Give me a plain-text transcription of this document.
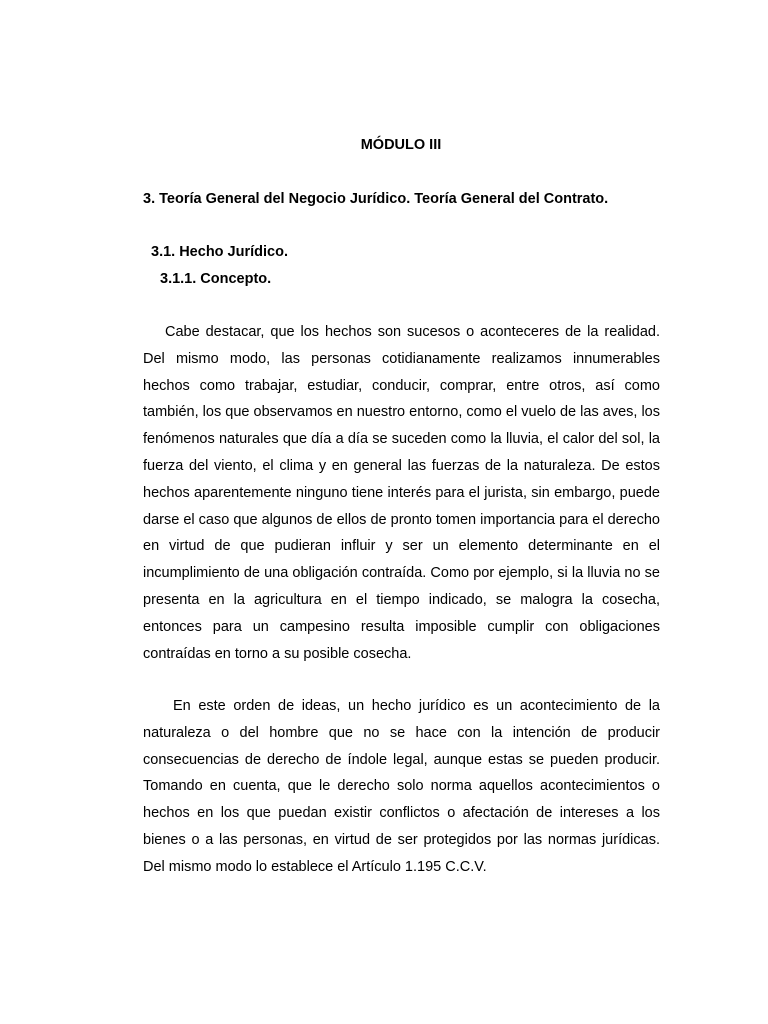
MÓDULO III
3. Teoría General del Negocio Jurídico. Teoría General del Contrato.
3.1. Hecho Jurídico.
3.1.1. Concepto.

Cabe destacar, que los hechos son sucesos o aconteceres de la realidad. Del mismo modo, las personas cotidianamente realizamos innumerables hechos como trabajar, estudiar, conducir, comprar, entre otros, así como también, los que observamos en nuestro entorno, como el vuelo de las aves, los fenómenos naturales que día a día se suceden como la lluvia, el calor del sol, la fuerza del viento, el clima y en general las fuerzas de la naturaleza. De estos hechos aparentemente ninguno tiene interés para el jurista, sin embargo, puede darse el caso que algunos de ellos de pronto tomen importancia para el derecho en virtud de que pudieran influir y ser un elemento determinante en el incumplimiento de una obligación contraída. Como por ejemplo, si la lluvia no se presenta en la agricultura en el tiempo indicado, se malogra la cosecha, entonces para un campesino resulta imposible cumplir con obligaciones contraídas en torno a su posible cosecha.

En este orden de ideas, un hecho jurídico es un acontecimiento de la naturaleza o del hombre que no se hace con la intención de producir consecuencias de derecho de índole legal, aunque estas se pueden producir. Tomando en cuenta, que le derecho solo norma aquellos acontecimientos o hechos en los que puedan existir conflictos o afectación de intereses a los bienes o a las personas, en virtud de ser protegidos por las normas jurídicas. Del mismo modo lo establece el Artículo 1.195 C.C.V.
